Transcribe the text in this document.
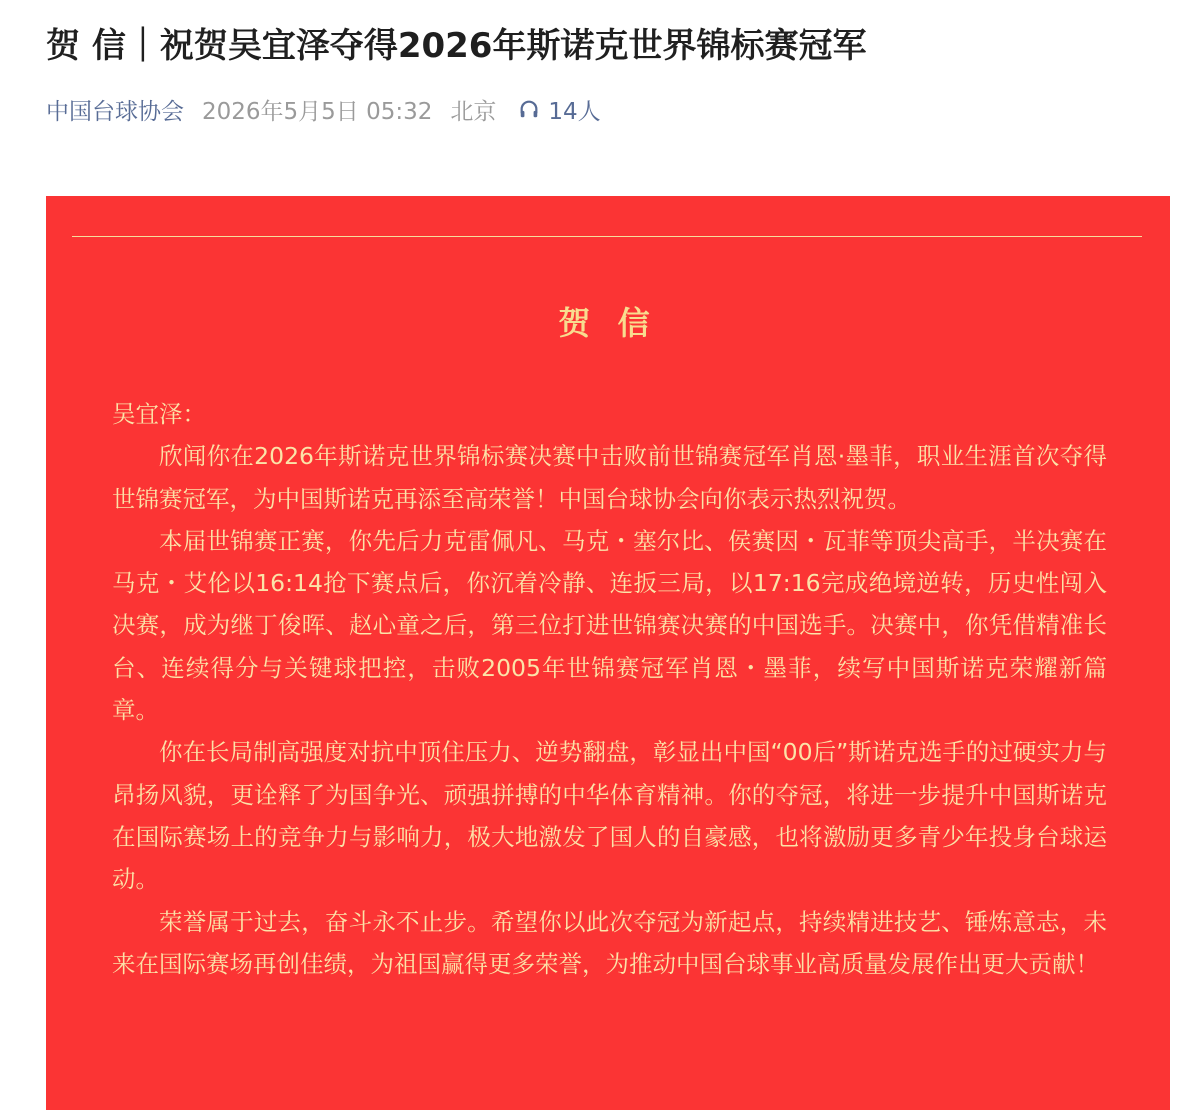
贺 信｜祝贺吴宜泽夺得2026年斯诺克世界锦标赛冠军
中国台球协会 2026年5月5日 05:32 北京 14人
贺 信

吴宜泽：

欣闻你在2026年斯诺克世界锦标赛决赛中击败前世锦赛冠军肖恩·墨菲，职业生涯首次夺得世锦赛冠军，为中国斯诺克再添至高荣誉！中国台球协会向你表示热烈祝贺。

本届世锦赛正赛，你先后力克雷佩凡、马克・塞尔比、侯赛因・瓦菲等顶尖高手，半决赛在马克・艾伦以16:14抢下赛点后，你沉着冷静、连扳三局，以17:16完成绝境逆转，历史性闯入决赛，成为继丁俊晖、赵心童之后，第三位打进世锦赛决赛的中国选手。决赛中，你凭借精准长台、连续得分与关键球把控，击败2005年世锦赛冠军肖恩・墨菲，续写中国斯诺克荣耀新篇章。

你在长局制高强度对抗中顶住压力、逆势翻盘，彰显出中国“00后”斯诺克选手的过硬实力与昂扬风貌，更诠释了为国争光、顽强拼搏的中华体育精神。你的夺冠，将进一步提升中国斯诺克在国际赛场上的竞争力与影响力，极大地激发了国人的自豪感，也将激励更多青少年投身台球运动。

荣誉属于过去，奋斗永不止步。希望你以此次夺冠为新起点，持续精进技艺、锤炼意志，未来在国际赛场再创佳绩，为祖国赢得更多荣誉，为推动中国台球事业高质量发展作出更大贡献！
